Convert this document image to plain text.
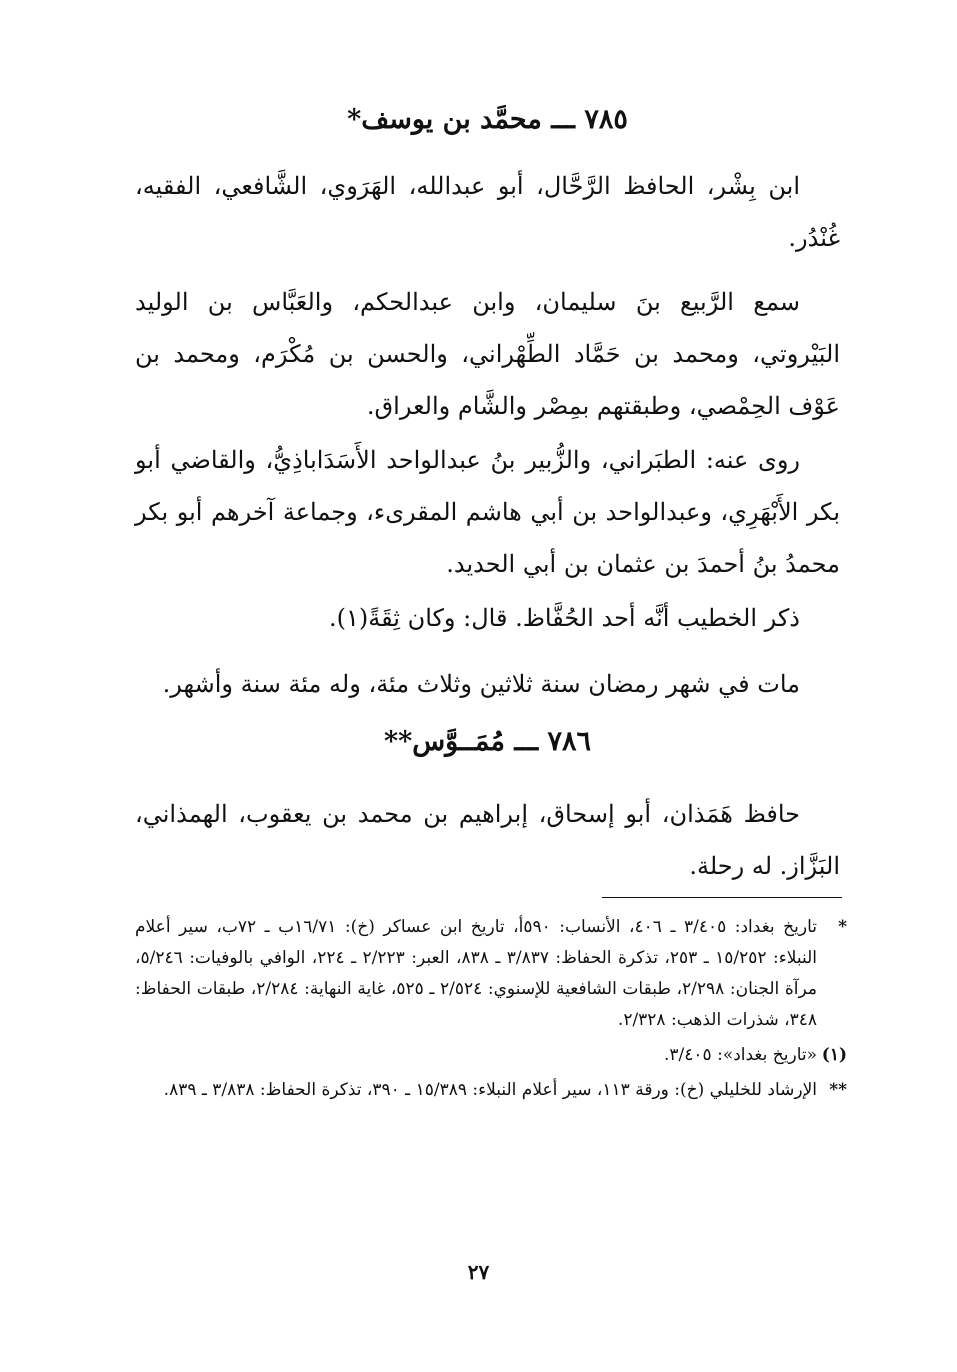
٧٨٥ ـــ محمَّد بن يوسف*
ابن بِشْر، الحافظ الرَّحَّال، أبو عبدالله، الهَرَوي، الشَّافعي، الفقيه، غُنْدُر.
سمع الرَّبيع بنَ سليمان، وابن عبدالحكم، والعَبَّاس بن الوليد البَيْروتي، ومحمد بن حَمَّاد الطِّهْراني، والحسن بن مُكْرَم، ومحمد بن عَوْف الحِمْصي، وطبقتهم بمِصْر والشَّام والعراق.
روى عنه: الطبَراني، والزُّبير بنُ عبدالواحد الأَسَدَاباذِيُّ، والقاضي أبو بكر الأَبْهَرِي، وعبدالواحد بن أبي هاشم المقرىء، وجماعة آخرهم أبو بكر محمدُ بنُ أحمدَ بن عثمان بن أبي الحديد.
ذكر الخطيب أنَّه أحد الحُفَّاظ. قال: وكان ثِقَةً(١).
مات في شهر رمضان سنة ثلاثين وثلاث مئة، وله مئة سنة وأشهر.
٧٨٦ ـــ مُمَــوَّس**
حافظ هَمَذان، أبو إسحاق، إبراهيم بن محمد بن يعقوب، الهمذاني، البَزَّاز. له رحلة.
*
تاريخ بغداد: ٣/٤٠٥ ـ ٤٠٦، الأنساب: ٥٩٠أ، تاريخ ابن عساكر (خ): ١٦/٧١ب ـ ٧٢ب، سير أعلام النبلاء: ١٥/٢٥٢ ـ ٢٥٣، تذكرة الحفاظ: ٣/٨٣٧ ـ ٨٣٨، العبر: ٢/٢٢٣ ـ ٢٢٤، الوافي بالوفيات: ٥/٢٤٦، مرآة الجنان: ٢/٢٩٨، طبقات الشافعية للإسنوي: ٢/٥٢٤ ـ ٥٢٥، غاية النهاية: ٢/٢٨٤، طبقات الحفاظ: ٣٤٨، شذرات الذهب: ٢/٣٢٨.
(١)
«تاريخ بغداد»: ٣/٤٠٥.
**
الإرشاد للخليلي (خ): ورقة ١١٣، سير أعلام النبلاء: ١٥/٣٨٩ ـ ٣٩٠، تذكرة الحفاظ: ٣/٨٣٨ ـ ٨٣٩.
٢٧
